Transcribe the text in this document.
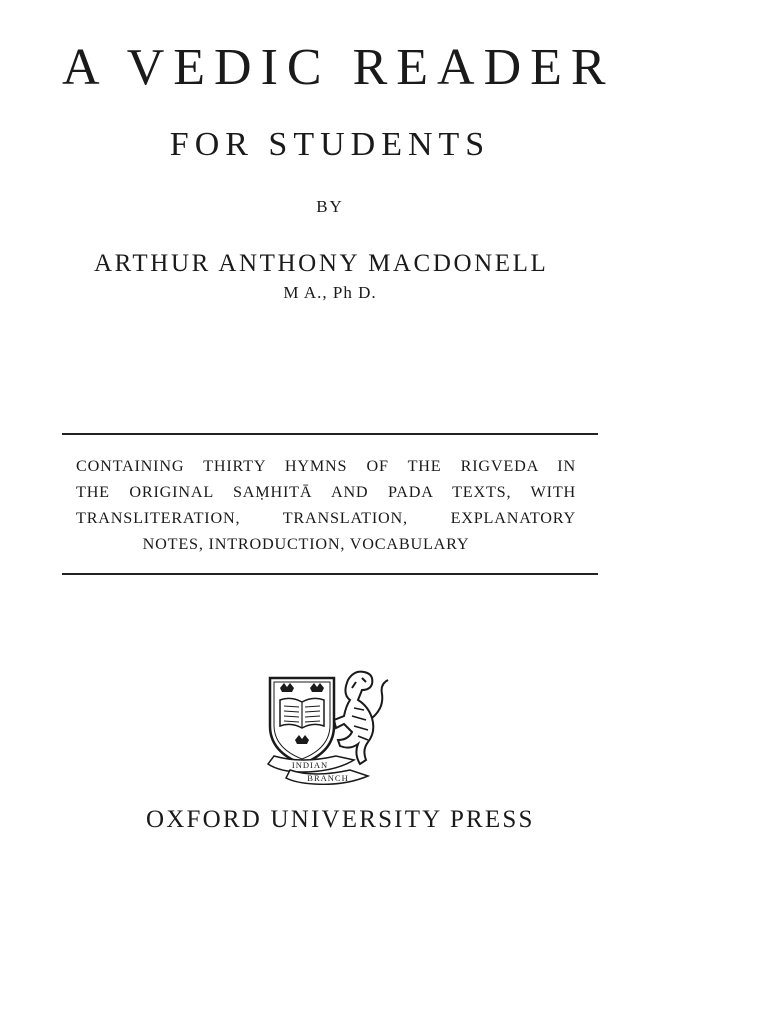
A VEDIC READER
FOR STUDENTS
BY
ARTHUR ANTHONY MACDONELL
M A., Ph D.
CONTAINING THIRTY HYMNS OF THE RIGVEDA IN
THE ORIGINAL SAṂHITĀ AND PADA TEXTS, WITH
TRANSLITERATION, TRANSLATION, EXPLANATORY
NOTES, INTRODUCTION, VOCABULARY
INDIAN
BRANCH
OXFORD UNIVERSITY PRESS
